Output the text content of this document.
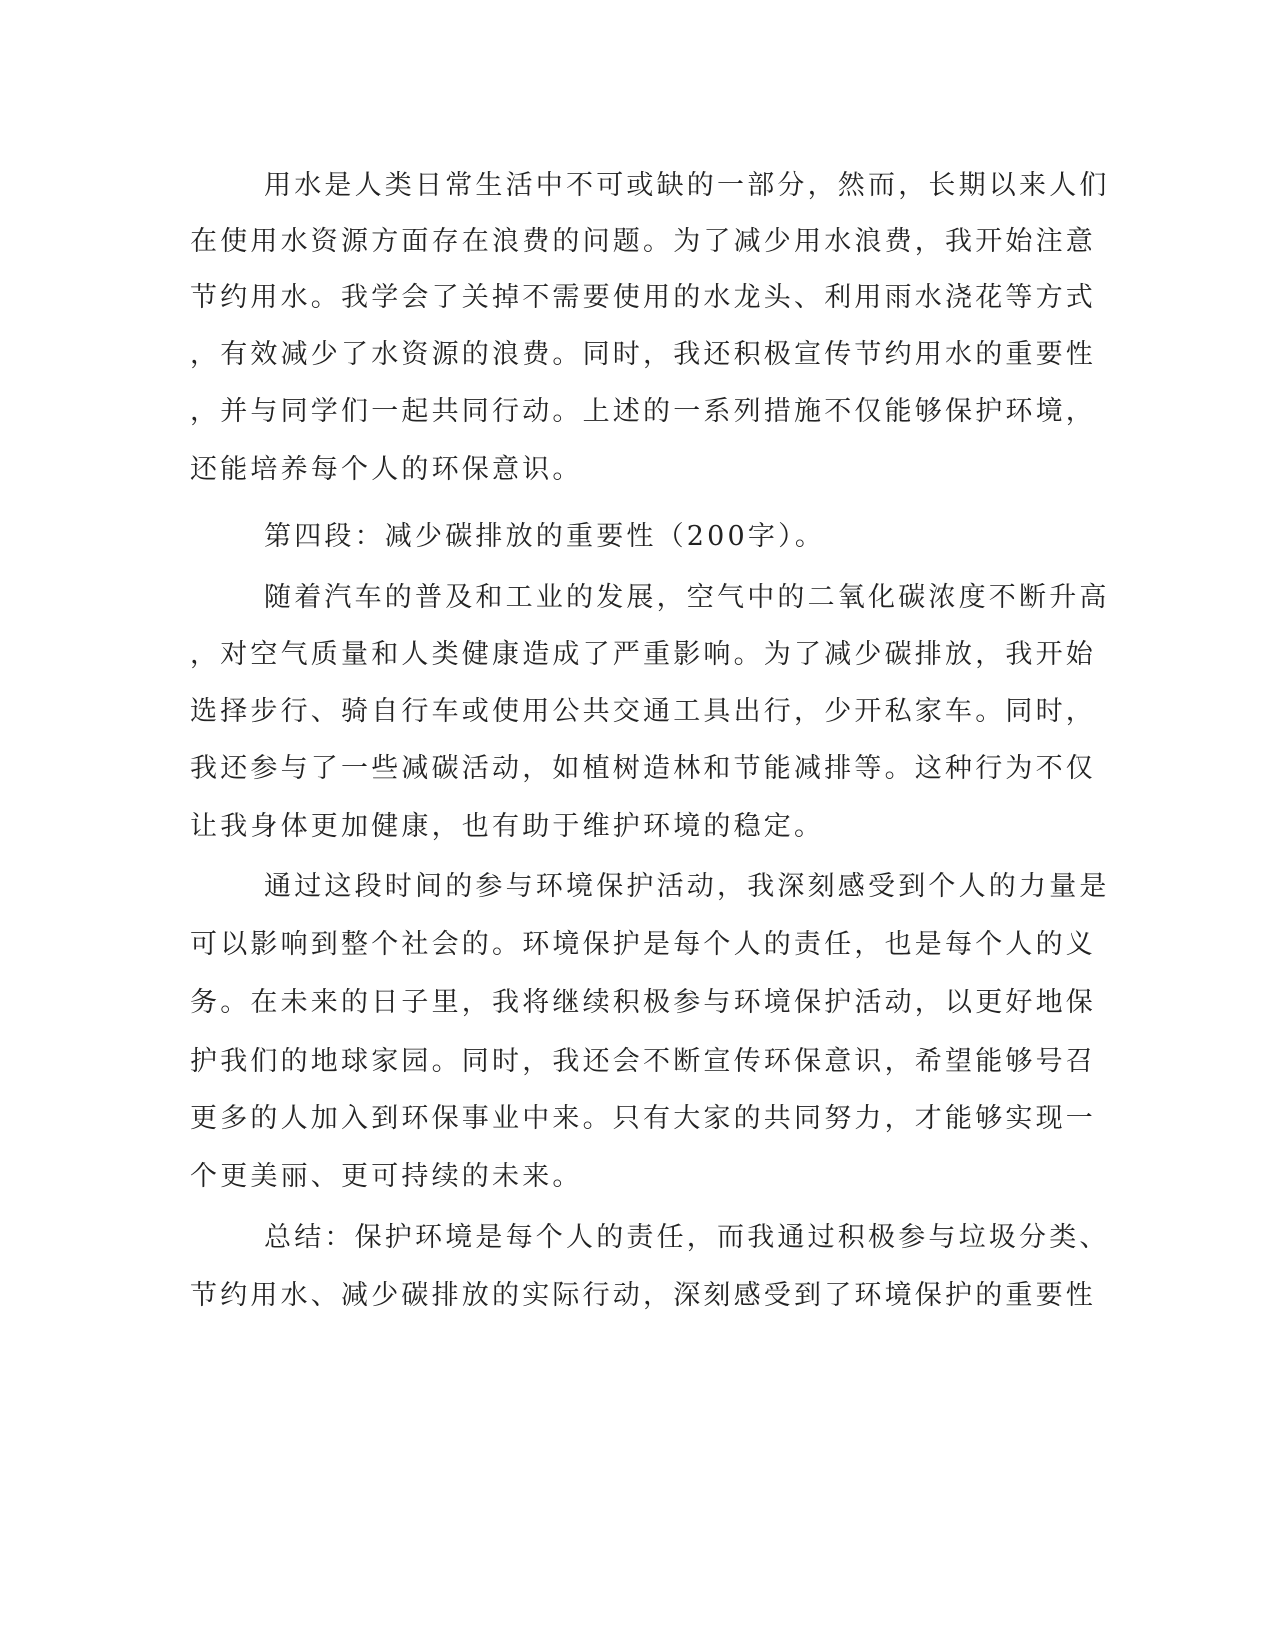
用水是人类日常生活中不可或缺的一部分，然而，长期以来人们
在使用水资源方面存在浪费的问题。为了减少用水浪费，我开始注意
节约用水。我学会了关掉不需要使用的水龙头、利用雨水浇花等方式
，有效减少了水资源的浪费。同时，我还积极宣传节约用水的重要性
，并与同学们一起共同行动。上述的一系列措施不仅能够保护环境，
还能培养每个人的环保意识。
第四段：减少碳排放的重要性（200字）。
随着汽车的普及和工业的发展，空气中的二氧化碳浓度不断升高
，对空气质量和人类健康造成了严重影响。为了减少碳排放，我开始
选择步行、骑自行车或使用公共交通工具出行，少开私家车。同时，
我还参与了一些减碳活动，如植树造林和节能减排等。这种行为不仅
让我身体更加健康，也有助于维护环境的稳定。
通过这段时间的参与环境保护活动，我深刻感受到个人的力量是
可以影响到整个社会的。环境保护是每个人的责任，也是每个人的义
务。在未来的日子里，我将继续积极参与环境保护活动，以更好地保
护我们的地球家园。同时，我还会不断宣传环保意识，希望能够号召
更多的人加入到环保事业中来。只有大家的共同努力，才能够实现一
个更美丽、更可持续的未来。
总结：保护环境是每个人的责任，而我通过积极参与垃圾分类、
节约用水、减少碳排放的实际行动，深刻感受到了环境保护的重要性
